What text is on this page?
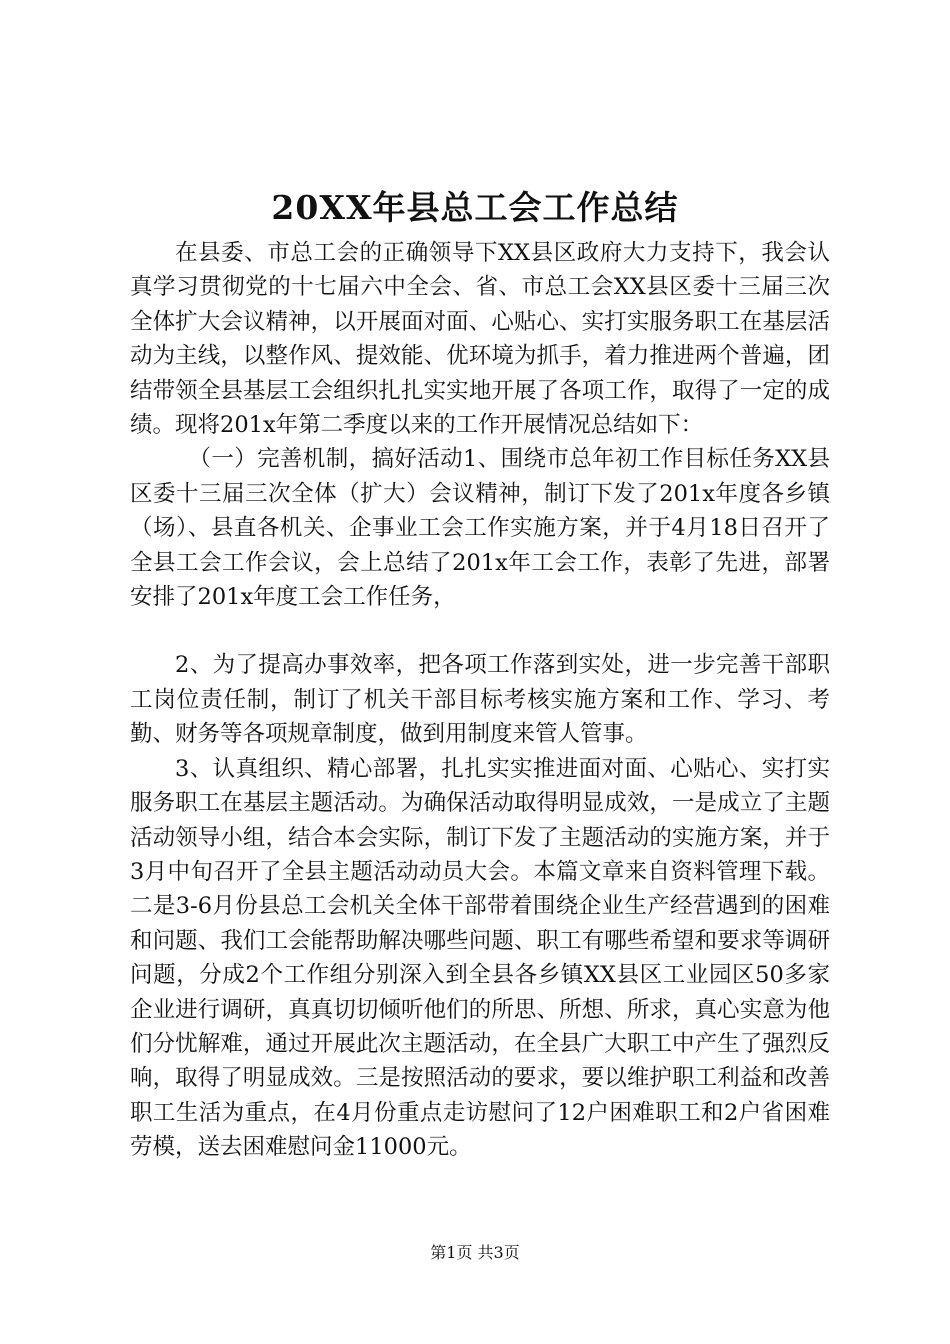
20XX年县总工会工作总结

在县委、市总工会的正确领导下XX县区政府大力支持下，我会认真学习贯彻党的十七届六中全会、省、市总工会XX县区委十三届三次全体扩大会议精神，以开展面对面、心贴心、实打实服务职工在基层活动为主线，以整作风、提效能、优环境为抓手，着力推进两个普遍，团结带领全县基层工会组织扎扎实实地开展了各项工作，取得了一定的成绩。现将201x年第二季度以来的工作开展情况总结如下：

（一）完善机制，搞好活动1、围绕市总年初工作目标任务XX县区委十三届三次全体（扩大）会议精神，制订下发了201x年度各乡镇（场）、县直各机关、企事业工会工作实施方案，并于4月18日召开了全县工会工作会议，会上总结了201x年工会工作，表彰了先进，部署安排了201x年度工会工作任务，

2、为了提高办事效率，把各项工作落到实处，进一步完善干部职工岗位责任制，制订了机关干部目标考核实施方案和工作、学习、考勤、财务等各项规章制度，做到用制度来管人管事。

3、认真组织、精心部署，扎扎实实推进面对面、心贴心、实打实服务职工在基层主题活动。为确保活动取得明显成效，一是成立了主题活动领导小组，结合本会实际，制订下发了主题活动的实施方案，并于3月中旬召开了全县主题活动动员大会。本篇文章来自资料管理下载。二是3-6月份县总工会机关全体干部带着围绕企业生产经营遇到的困难和问题、我们工会能帮助解决哪些问题、职工有哪些希望和要求等调研问题，分成2个工作组分别深入到全县各乡镇XX县区工业园区50多家企业进行调研，真真切切倾听他们的所思、所想、所求，真心实意为他们分忧解难，通过开展此次主题活动，在全县广大职工中产生了强烈反响，取得了明显成效。三是按照活动的要求，要以维护职工利益和改善职工生活为重点，在4月份重点走访慰问了12户困难职工和2户省困难劳模，送去困难慰问金11000元。

第1页 共3页
